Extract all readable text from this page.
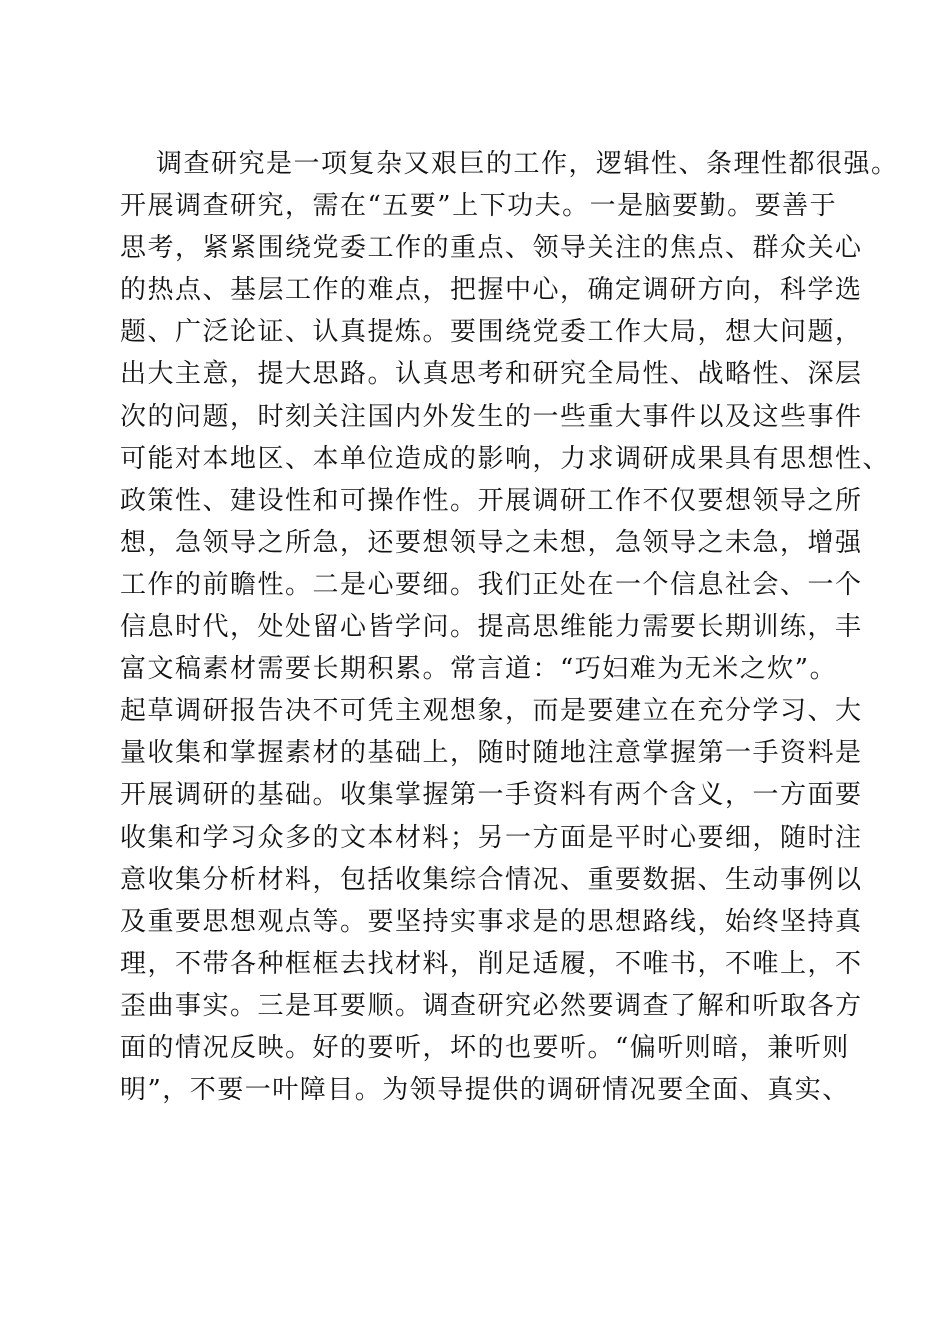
调查研究是一项复杂又艰巨的工作，逻辑性、条理性都很强。
开展调查研究，需在“五要”上下功夫。一是脑要勤。要善于
思考，紧紧围绕党委工作的重点、领导关注的焦点、群众关心
的热点、基层工作的难点，把握中心，确定调研方向，科学选
题、广泛论证、认真提炼。要围绕党委工作大局，想大问题，
出大主意，提大思路。认真思考和研究全局性、战略性、深层
次的问题，时刻关注国内外发生的一些重大事件以及这些事件
可能对本地区、本单位造成的影响，力求调研成果具有思想性、
政策性、建设性和可操作性。开展调研工作不仅要想领导之所
想，急领导之所急，还要想领导之未想，急领导之未急，增强
工作的前瞻性。二是心要细。我们正处在一个信息社会、一个
信息时代，处处留心皆学问。提高思维能力需要长期训练，丰
富文稿素材需要长期积累。常言道：“巧妇难为无米之炊”。
起草调研报告决不可凭主观想象，而是要建立在充分学习、大
量收集和掌握素材的基础上，随时随地注意掌握第一手资料是
开展调研的基础。收集掌握第一手资料有两个含义，一方面要
收集和学习众多的文本材料；另一方面是平时心要细，随时注
意收集分析材料，包括收集综合情况、重要数据、生动事例以
及重要思想观点等。要坚持实事求是的思想路线，始终坚持真
理，不带各种框框去找材料，削足适履，不唯书，不唯上，不
歪曲事实。三是耳要顺。调查研究必然要调查了解和听取各方
面的情况反映。好的要听，坏的也要听。“偏听则暗，兼听则
明”，不要一叶障目。为领导提供的调研情况要全面、真实、
